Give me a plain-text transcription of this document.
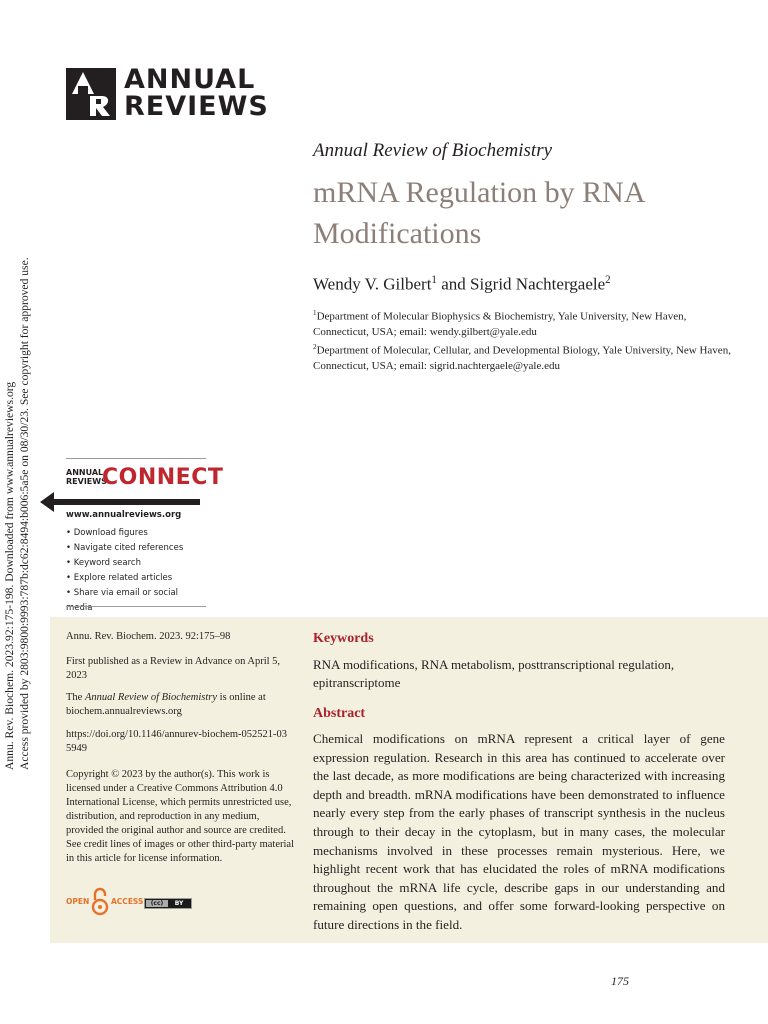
ANNUAL
REVIEWS
Annu. Rev. Biochem. 2023.92:175-198. Downloaded from www.annualreviews.org Access provided by 2803:9800:9993:787b:dc62:8494:b006:5a5e on 08/30/23. See copyright for approved use.
Annual Review of Biochemistry
mRNA Regulation by RNA Modifications
Wendy V. Gilbert$^1$ and Sigrid Nachtergaele$^2$
$^1$Department of Molecular Biophysics & Biochemistry, Yale University, New Haven, Connecticut, USA; email: wendy.gilbert@yale.edu
$^2$Department of Molecular, Cellular, and Developmental Biology, Yale University, New Haven, Connecticut, USA; email: sigrid.nachtergaele@yale.edu
ANNUAL
REVIEWS
CONNECT
www.annualreviews.org
• Download figures
• Navigate cited references
• Keyword search
• Explore related articles
• Share via email or social media
Annu. Rev. Biochem. 2023. 92:175–98
First published as a Review in Advance on April 5, 2023
The Annual Review of Biochemistry is online at biochem.annualreviews.org
https://doi.org/10.1146/annurev-biochem-052521-035949
Copyright © 2023 by the author(s). This work is licensed under a Creative Commons Attribution 4.0 International License, which permits unrestricted use, distribution, and reproduction in any medium, provided the original author and source are credited. See credit lines of images or other third-party material in this article for license information.
OPEN	ACCESS	(cc)	BY
Keywords
RNA modifications, RNA metabolism, posttranscriptional regulation, epitranscriptome
Abstract

Chemical modifications on mRNA represent a critical layer of gene expression regulation. Research in this area has continued to accelerate over the last decade, as more modifications are being characterized with increasing depth and breadth. mRNA modifications have been demonstrated to influence nearly every step from the early phases of transcript synthesis in the nucleus through to their decay in the cytoplasm, but in many cases, the molecular mechanisms involved in these processes remain mysterious. Here, we highlight recent work that has elucidated the roles of mRNA modifications throughout the mRNA life cycle, describe gaps in our understanding and remaining open questions, and offer some forward-looking perspective on future directions in the field.

175
